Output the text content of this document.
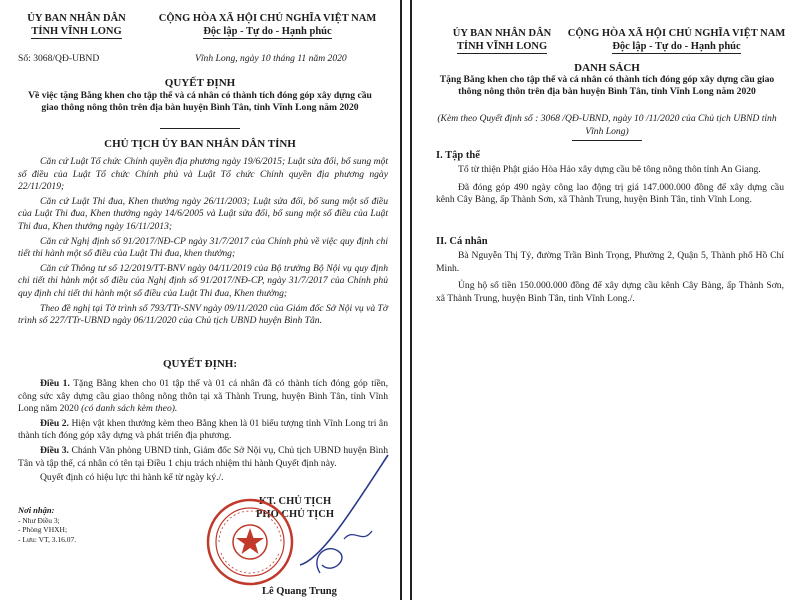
ỦY BAN NHÂN DÂN
TỈNH VĨNH LONG
CỘNG HÒA XÃ HỘI CHỦ NGHĨA VIỆT NAM
Độc lập - Tự do - Hạnh phúc
Số: 3068/QĐ-UBND	Vĩnh Long, ngày 10 tháng 11 năm 2020
QUYẾT ĐỊNH
Về việc tặng Bằng khen cho tập thể và cá nhân có thành tích đóng góp xây dựng cầu giao thông nông thôn trên địa bàn huyện Bình Tân, tỉnh Vĩnh Long năm 2020
CHỦ TỊCH ỦY BAN NHÂN DÂN TỈNH

Căn cứ Luật Tổ chức Chính quyền địa phương ngày 19/6/2015; Luật sửa đổi, bổ sung một số điều của Luật Tổ chức Chính phủ và Luật Tổ chức Chính quyền địa phương ngày 22/11/2019;

Căn cứ Luật Thi đua, Khen thưởng ngày 26/11/2003; Luật sửa đổi, bổ sung một số điều của Luật Thi đua, Khen thưởng ngày 14/6/2005 và Luật sửa đổi, bổ sung một số điều của Luật Thi đua, Khen thưởng ngày 16/11/2013;

Căn cứ Nghị định số 91/2017/NĐ-CP ngày 31/7/2017 của Chính phủ về việc quy định chi tiết thi hành một số điều của Luật Thi đua, khen thưởng;

Căn cứ Thông tư số 12/2019/TT-BNV ngày 04/11/2019 của Bộ trưởng Bộ Nội vụ quy định chi tiết thi hành một số điều của Nghị định số 91/2017/NĐ-CP, ngày 31/7/2017 của Chính phủ quy định chi tiết thi hành một số điều của Luật Thi đua, Khen thưởng;

Theo đề nghị tại Tờ trình số 793/TTr-SNV ngày 09/11/2020 của Giám đốc Sở Nội vụ và Tờ trình số 227/TTr-UBND ngày 06/11/2020 của Chủ tịch UBND huyện Bình Tân.

QUYẾT ĐỊNH:

Điều 1. Tặng Bằng khen cho 01 tập thể và 01 cá nhân đã có thành tích đóng góp tiền, công sức xây dựng cầu giao thông nông thôn tại xã Thành Trung, huyện Bình Tân, tỉnh Vĩnh Long năm 2020 (có danh sách kèm theo).

Điều 2. Hiện vật khen thưởng kèm theo Bằng khen là 01 biểu tượng tỉnh Vĩnh Long tri ân thành tích đóng góp xây dựng và phát triển địa phương.

Điều 3. Chánh Văn phòng UBND tỉnh, Giám đốc Sở Nội vụ, Chủ tịch UBND huyện Bình Tân và tập thể, cá nhân có tên tại Điều 1 chịu trách nhiệm thi hành Quyết định này.

Quyết định có hiệu lực thi hành kể từ ngày ký./.

Nơi nhận:
- Như Điều 3;
- Phòng VHXH;
- Lưu: VT, 3.16.07.
KT. CHỦ TỊCH
PHÓ CHỦ TỊCH
Lê Quang Trung
ỦY BAN NHÂN DÂN
TỈNH VĨNH LONG
CỘNG HÒA XÃ HỘI CHỦ NGHĨA VIỆT NAM
Độc lập - Tự do - Hạnh phúc
DANH SÁCH
Tặng Bằng khen cho tập thể và cá nhân có thành tích đóng góp xây dựng cầu giao thông nông thôn trên địa bàn huyện Bình Tân, tỉnh Vĩnh Long năm 2020
(Kèm theo Quyết định số : 3068 /QĐ-UBND, ngày 10 /11/2020 của Chủ tịch UBND tỉnh Vĩnh Long)
I. Tập thể

Tổ từ thiện Phật giáo Hòa Hảo xây dựng cầu bê tông nông thôn tỉnh An Giang.

Đã đóng góp 490 ngày công lao động trị giá 147.000.000 đồng để xây dựng cầu kênh Cây Bàng, ấp Thành Sơn, xã Thành Trung, huyện Bình Tân, tỉnh Vĩnh Long.

II. Cá nhân

Bà Nguyễn Thị Tý, đường Trần Bình Trọng, Phường 2, Quận 5, Thành phố Hồ Chí Minh.

Ủng hộ số tiền 150.000.000 đồng để xây dựng cầu kênh Cây Bàng, ấp Thành Sơn, xã Thành Trung, huyện Bình Tân, tỉnh Vĩnh Long./.
